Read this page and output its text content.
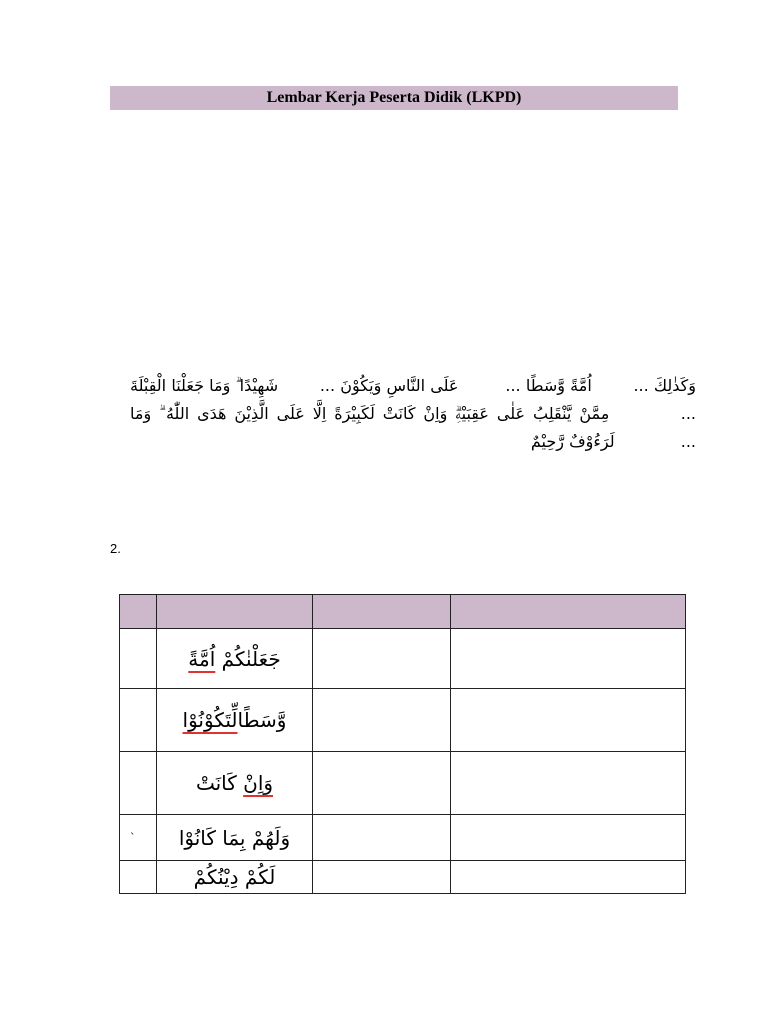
Lembar Kerja Peserta Didik (LKPD)
وَكَذٰلِكَ ...        اُمَّةً وَّسَطًا ...         عَلَى النَّاسِ وَيَكُوْنَ ...        شَهِيْدًا ۗ وَمَا جَعَلْنَا الْقِبْلَةَ ...         مِمَّنْ يَّنْقَلِبُ عَلٰى عَقِبَيْهِۗ وَاِنْ كَانَتْ لَكَبِيْرَةً اِلَّا عَلَى الَّذِيْنَ هَدَى اللّٰهُ ۗ وَمَا ...             لَرَءُوْفٌ رَّحِيْمٌ
2.

	جَعَلْنٰكُمْ اُمَّةً		
	وَّسَطًالِّتَكُوْنُوْا		
	وَاِنْ كَانَتْ		
ˋ	وَلَهُمْ بِمَا كَانُوْا		
	لَكُمْ دِيْنُكُمْ		
